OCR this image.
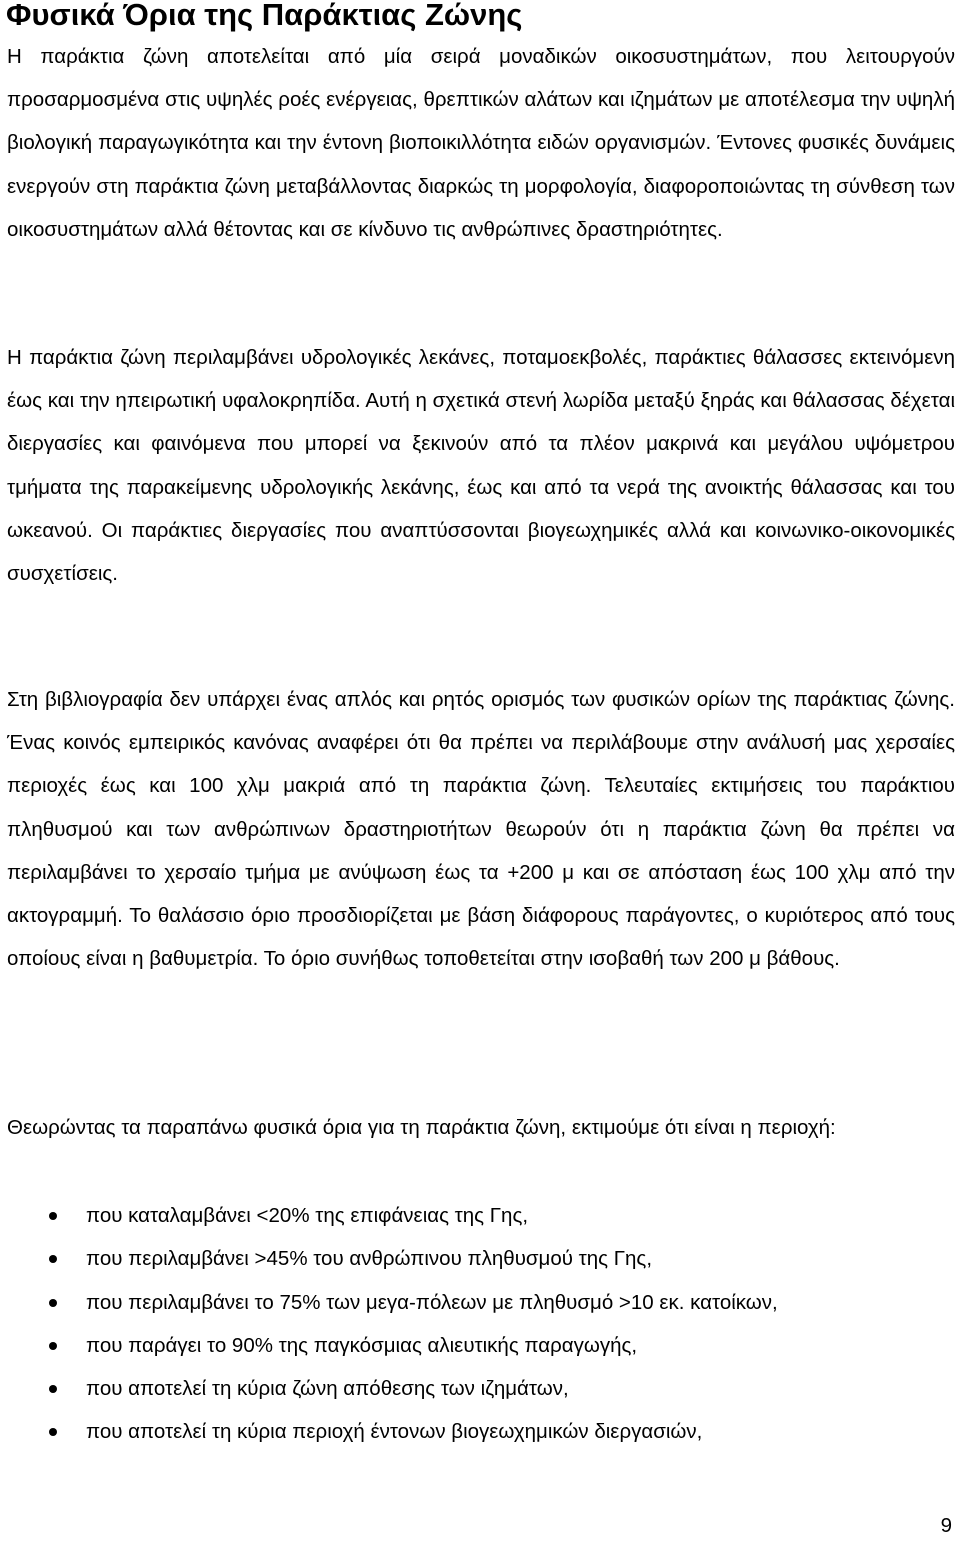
Φυσικά Όρια της Παράκτιας Ζώνης

Η παράκτια ζώνη αποτελείται από μία σειρά μοναδικών οικοσυστημάτων, που λειτουργούν προσαρμοσμένα στις υψηλές ροές ενέργειας, θρεπτικών αλάτων και ιζημάτων με αποτέλεσμα την υψηλή βιολογική παραγωγικότητα και την έντονη βιοποικιλλότητα ειδών οργανισμών. Έντονες φυσικές δυνάμεις ενεργούν στη παράκτια ζώνη μεταβάλλοντας διαρκώς τη μορφολογία, διαφοροποιώντας τη σύνθεση των οικοσυστημάτων αλλά θέτοντας και σε κίνδυνο τις ανθρώπινες δραστηριότητες.

Η παράκτια ζώνη περιλαμβάνει υδρολογικές λεκάνες, ποταμοεκβολές, παράκτιες θάλασσες εκτεινόμενη έως και την ηπειρωτική υφαλοκρηπίδα. Αυτή η σχετικά στενή λωρίδα μεταξύ ξηράς και θάλασσας δέχεται διεργασίες και φαινόμενα που μπορεί να ξεκινούν από τα πλέον μακρινά και μεγάλου υψόμετρου τμήματα της παρακείμενης υδρολογικής λεκάνης, έως και από τα νερά της ανοικτής θάλασσας και του ωκεανού. Οι παράκτιες διεργασίες που αναπτύσσονται βιογεωχημικές αλλά και κοινωνικο-οικονομικές συσχετίσεις.

Στη βιβλιογραφία δεν υπάρχει ένας απλός και ρητός ορισμός των φυσικών ορίων της παράκτιας ζώνης. Ένας κοινός εμπειρικός κανόνας αναφέρει ότι θα πρέπει να περιλάβουμε στην ανάλυσή μας χερσαίες περιοχές έως και 100 χλμ μακριά από τη παράκτια ζώνη. Τελευταίες εκτιμήσεις του παράκτιου πληθυσμού και των ανθρώπινων δραστηριοτήτων θεωρούν ότι η παράκτια ζώνη θα πρέπει να περιλαμβάνει το χερσαίο τμήμα με ανύψωση έως τα +200 μ και σε απόσταση έως 100 χλμ από την ακτογραμμή. Το θαλάσσιο όριο προσδιορίζεται με βάση διάφορους παράγοντες, ο κυριότερος από τους οποίους είναι η βαθυμετρία. Το όριο συνήθως τοποθετείται στην ισοβαθή των 200 μ βάθους.

Θεωρώντας τα παραπάνω φυσικά όρια για τη παράκτια ζώνη, εκτιμούμε ότι είναι η περιοχή:

που καταλαμβάνει <20% της επιφάνειας της Γης,
που περιλαμβάνει >45% του ανθρώπινου πληθυσμού της Γης,
που περιλαμβάνει το 75% των μεγα-πόλεων με πληθυσμό >10 εκ. κατοίκων,
που παράγει το 90% της παγκόσμιας αλιευτικής παραγωγής,
που αποτελεί τη κύρια ζώνη απόθεσης των ιζημάτων,
που αποτελεί τη κύρια περιοχή έντονων βιογεωχημικών διεργασιών,
9
